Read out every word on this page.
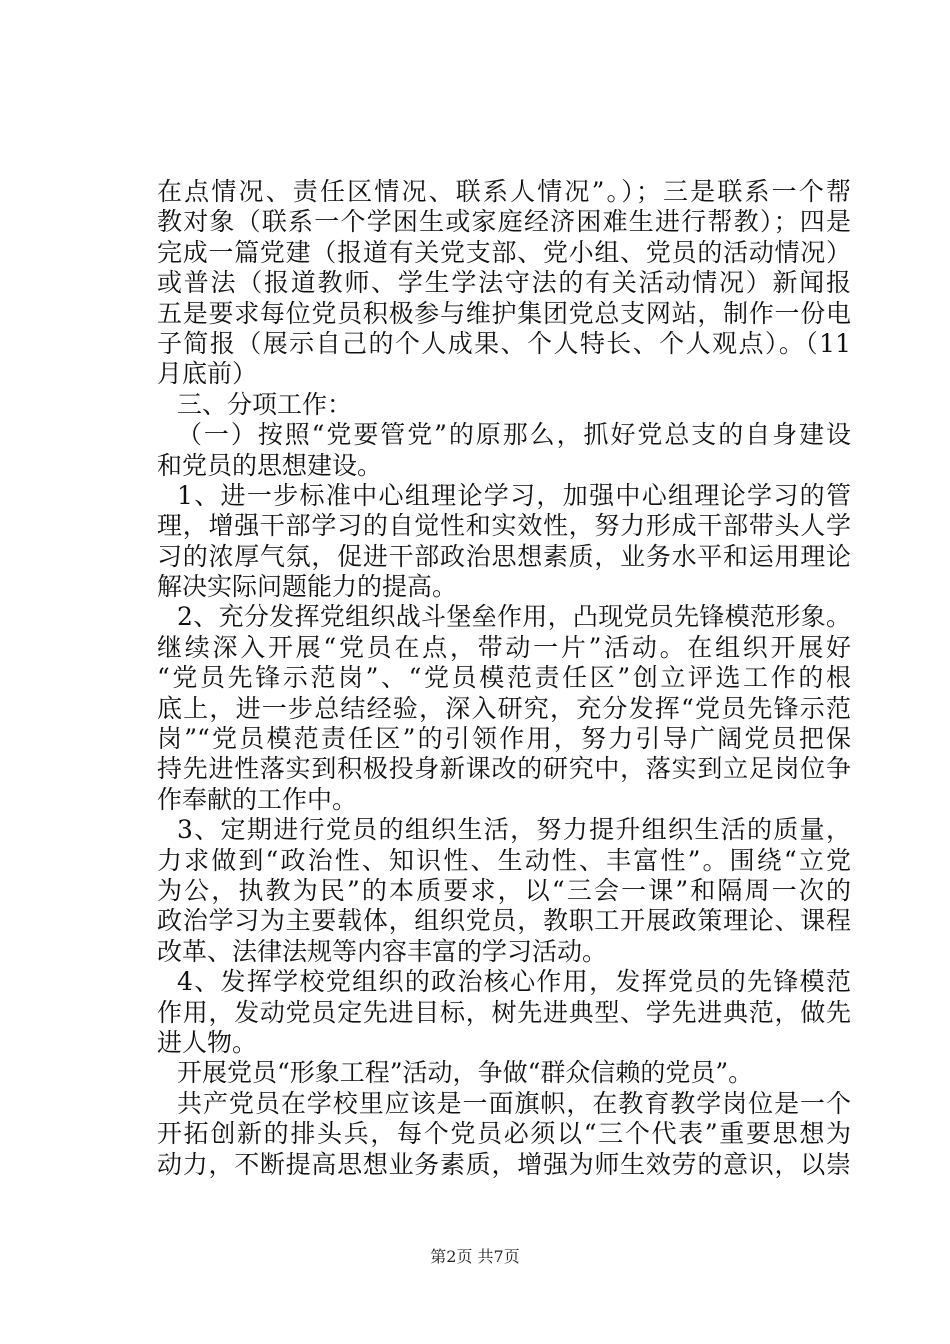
在点情况、责任区情况、联系人情况”。）；三是联系一个帮
教对象（联系一个学困生或家庭经济困难生进行帮教）；四是
完成一篇党建（报道有关党支部、党小组、党员的活动情况）
或普法（报道教师、学生学法守法的有关活动情况）新闻报
五是要求每位党员积极参与维护集团党总支网站，制作一份电
子简报（展示自己的个人成果、个人特长、个人观点）。（11
月底前）
三、分项工作：
（一）按照“党要管党”的原那么，抓好党总支的自身建设
和党员的思想建设。
1、进一步标准中心组理论学习，加强中心组理论学习的管
理，增强干部学习的自觉性和实效性，努力形成干部带头人学
习的浓厚气氛，促进干部政治思想素质，业务水平和运用理论
解决实际问题能力的提高。
2、充分发挥党组织战斗堡垒作用，凸现党员先锋模范形象。
继续深入开展“党员在点，带动一片”活动。在组织开展好
“党员先锋示范岗”、“党员模范责任区”创立评选工作的根
底上，进一步总结经验，深入研究，充分发挥“党员先锋示范
岗”“党员模范责任区”的引领作用，努力引导广阔党员把保
持先进性落实到积极投身新课改的研究中，落实到立足岗位争
作奉献的工作中。
3、定期进行党员的组织生活，努力提升组织生活的质量，
力求做到“政治性、知识性、生动性、丰富性”。围绕“立党
为公，执教为民”的本质要求，以“三会一课”和隔周一次的
政治学习为主要载体，组织党员，教职工开展政策理论、课程
改革、法律法规等内容丰富的学习活动。
4、发挥学校党组织的政治核心作用，发挥党员的先锋模范
作用，发动党员定先进目标，树先进典型、学先进典范，做先
进人物。
开展党员“形象工程”活动，争做“群众信赖的党员”。
共产党员在学校里应该是一面旗帜，在教育教学岗位是一个
开拓创新的排头兵，每个党员必须以“三个代表”重要思想为
动力，不断提高思想业务素质，增强为师生效劳的意识，以崇
第2页 共7页
